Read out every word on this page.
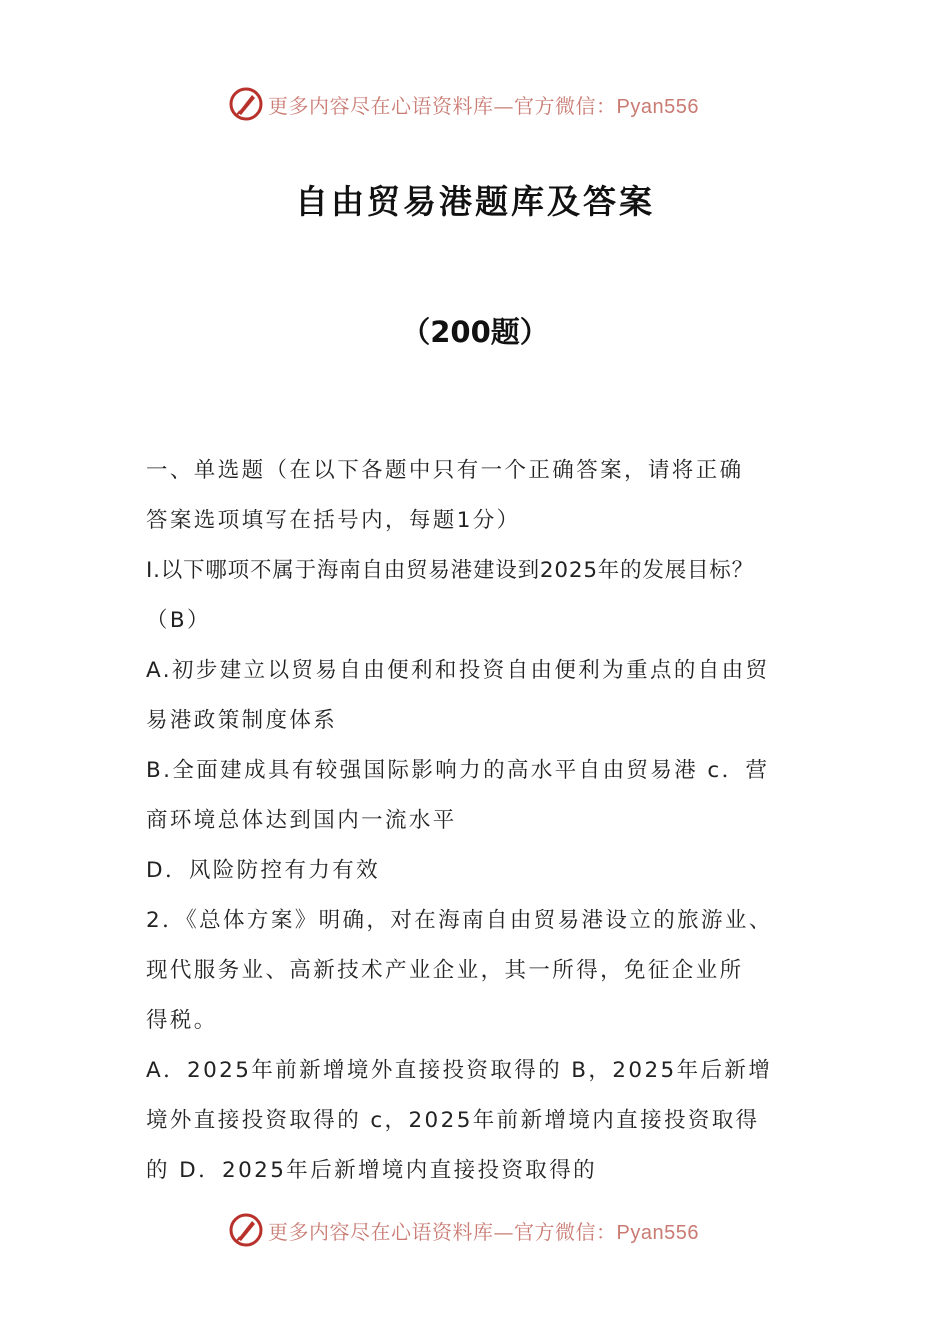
更多内容尽在心语资料库—官方微信：Pyan556
自由贸易港题库及答案
（200题）
一、单选题（在以下各题中只有一个正确答案，请将正确
答案选项填写在括号内，每题1分）
I.以下哪项不属于海南自由贸易港建设到2025年的发展目标？
（B）
A.初步建立以贸易自由便利和投资自由便利为重点的自由贸
易港政策制度体系
B.全面建成具有较强国际影响力的高水平自由贸易港 c．营
商环境总体达到国内一流水平
D．风险防控有力有效
2．《总体方案》明确，对在海南自由贸易港设立的旅游业、
现代服务业、高新技术产业企业，其一所得，免征企业所
得税。
A．2025年前新增境外直接投资取得的 B，2025年后新增
境外直接投资取得的 c，2025年前新增境内直接投资取得
的 D．2025年后新增境内直接投资取得的
更多内容尽在心语资料库—官方微信：Pyan556
